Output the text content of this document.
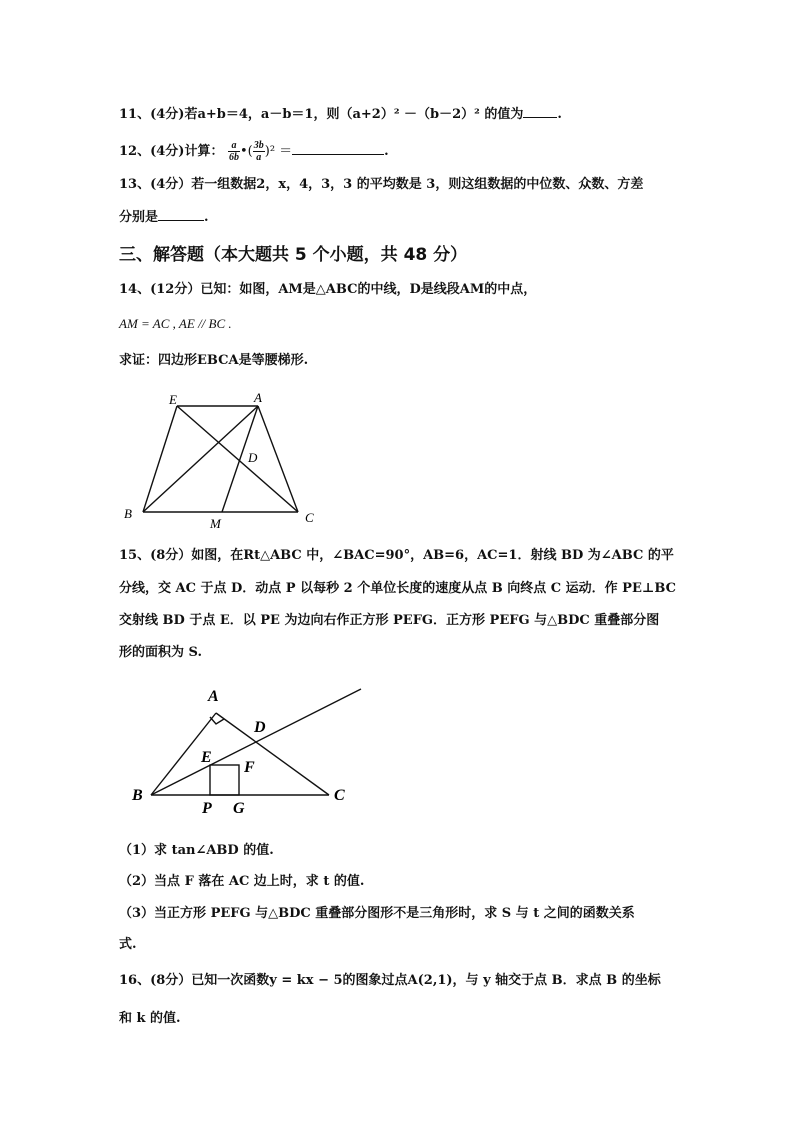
11、(4分)若a+b＝4，a－b＝1，则（a+2）² －（b－2）² 的值为	.
12、(4分)计算： $\frac{a}{6b}$ •( $\frac{3b}{a} )^2$ ＝	.
13、(4分）若一组数据2，x，4，3，3 的平均数是 3，则这组数据的中位数、众数、方差
分别是	.
三、解答题（本大题共 5 个小题，共 48 分）
14、(12分）已知：如图，AM是△ABC的中线，D是线段AM的中点，
AM = AC , AE // BC .
求证：四边形EBCA是等腰梯形.
E	A
D
B
M	C
15、(8分）如图，在Rt△ABC 中，∠BAC=90°，AB=6，AC=1．射线 BD 为∠ABC 的平
分线，交 AC 于点 D．动点 P 以每秒 2 个单位长度的速度从点 B 向终点 C 运动．作 PE⊥BC
交射线 BD 于点 E．以 PE 为边向右作正方形 PEFG．正方形 PEFG 与△BDC 重叠部分图
形的面积为 S.
A
D
E
F
B
P G
C
（1）求 tan∠ABD 的值.
（2）当点 F 落在 AC 边上时，求 t 的值.
（3）当正方形 PEFG 与△BDC 重叠部分图形不是三角形时，求 S 与 t 之间的函数关系
式.
16、(8分）已知一次函数y = kx − 5的图象过点A(2,1)，与 y 轴交于点 B．求点 B 的坐标
和 k 的值.
